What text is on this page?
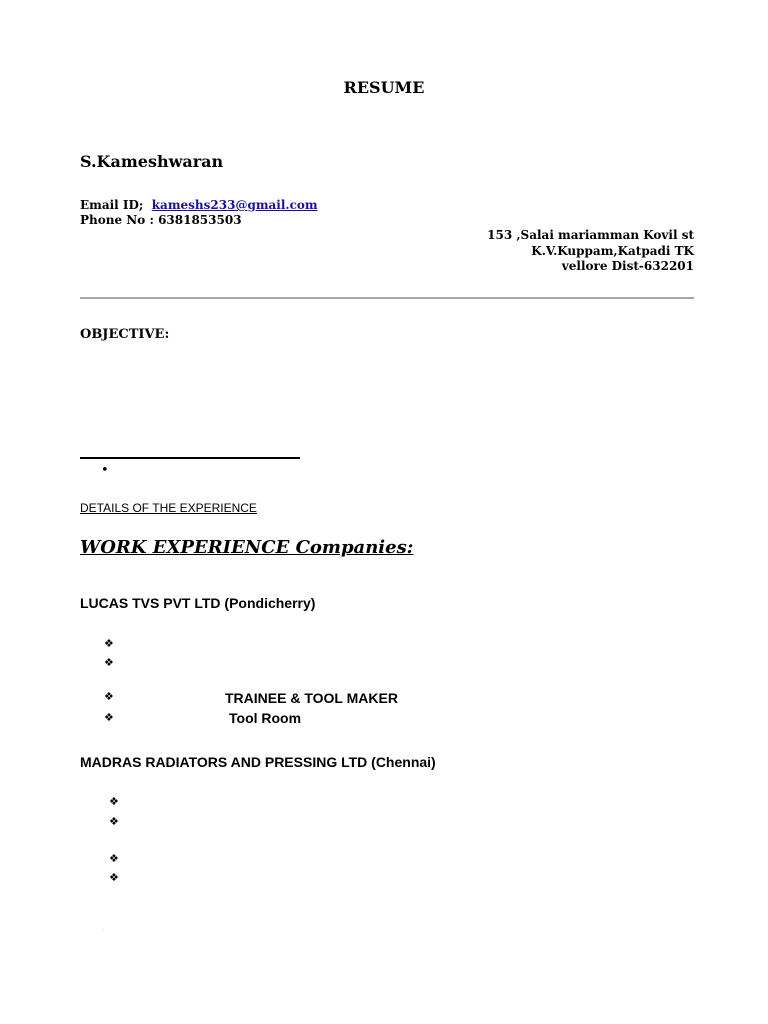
RESUME
S.Kameshwaran
Email ID; kameshs233@gmail.com
Phone No : 6381853503
153 ,Salai mariamman Kovil st
K.V.Kuppam,Katpadi TK
vellore Dist-632201
OBJECTIVE:
•
DETAILS OF THE EXPERIENCE
WORK EXPERIENCE Companies:
LUCAS TVS PVT LTD (Pondicherry)
❖
❖
❖	TRAINEE & TOOL MAKER
❖	Tool Room
MADRAS RADIATORS AND PRESSING LTD (Chennai)
❖
❖
❖
❖
.
